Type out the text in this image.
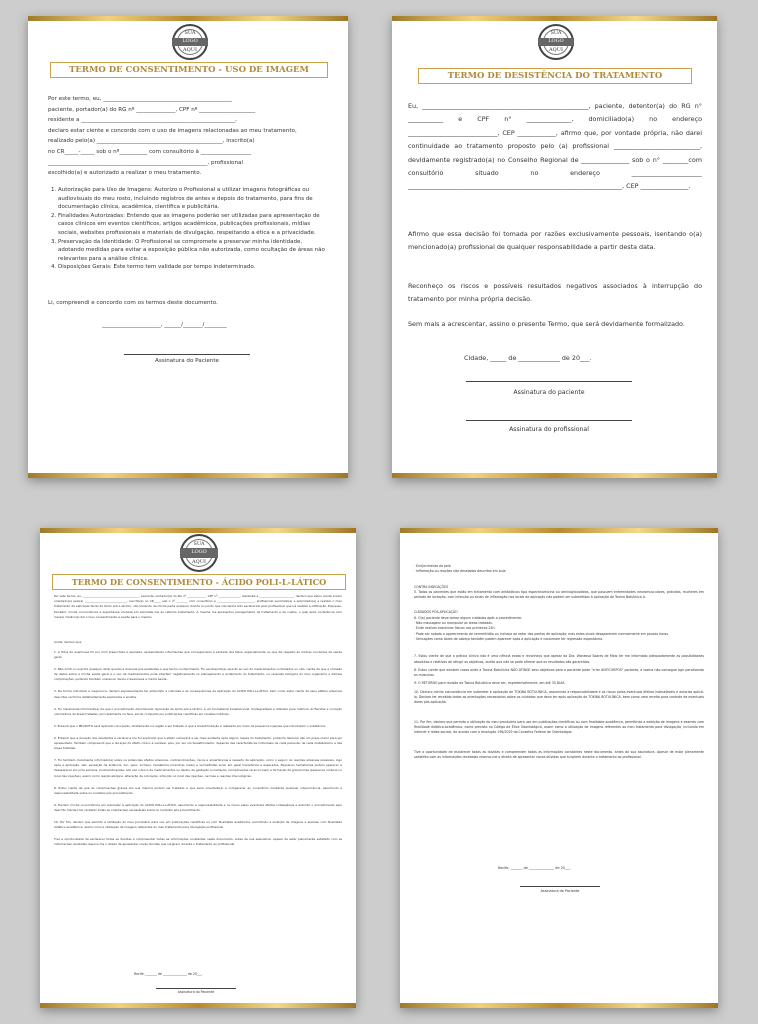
SUA
LOGO
AQUI
TERMO DE CONSENTIMENTO - USO DE IMAGEM

Por este termo, eu, ______________________________________________

paciente, portador(a) do RG nº ______________, CPF nº ____________________

residente a _______________________________________________________,

declaro estar ciente e concordo com o uso de imagens relacionadas ao meu tratamento,

realizado pelo(a) _____________________________________________, inscrito(a)

no CR_____-_____ sob o nº__________ com consultório à __________________

_________________________________________________________, profissional

escolhido(a) e autorizado a realizar o meu tratamento.

1. Autorização para Uso de Imagens: Autorizo o Profissional a utilizar imagens fotográficas ou audiovisuais do meu rosto, incluindo registros de antes e depois do tratamento, para fins de documentação clínica, acadêmica, científica e publicitária.
2. Finalidades Autorizadas: Entendo que as imagens poderão ser utilizadas para apresentação de casos clínicos em eventos científicos, artigos acadêmicos, publicações profissionais, mídias sociais, websites profissionais e materiais de divulgação, respeitando a ética e a privacidade.
3. Preservação da Identidade: O Profissional se compromete a preservar minha identidade, adotando medidas para evitar a exposição pública não autorizada, como ocultação de áreas não relevantes para a análise clínica.
4. Disposições Gerais: Este termo tem validade por tempo indeterminado.
Li, compreendi e concordo com os termos deste documento.
_____________________, ______/_______/________
Assinatura do Paciente
SUA
LOGO
AQUI
TERMO DE DESISTÊNCIA DO TRATAMENTO
Eu, ____________________________________________________, paciente, detentor(a) do RG n° ___________ e CPF n° ______________, domiciliado(a) no endereço ____________________________, CEP ____________, afirmo que, por vontade própria, não darei continuidade ao tratamento proposto pelo (a) profissional ___________________________, devidamente registrado(a) no Conselho Regional de _______________ sob o n° ________com consultório situado no endereço ______________________ ___________________________________________________________________, CEP _______________.
Afirmo que essa decisão foi tomada por razões exclusivamente pessoais, isentando o(a) mencionado(a) profissional de qualquer responsabilidade a partir desta data.
Reconheço os riscos e possíveis resultados negativos associados à interrupção do tratamento por minha própria decisão.
Sem mais a acrescentar, assino o presente Termo, que será devidamente formalizado.
Cidade, _____ de _____________ de 20___.
Assinatura do paciente
Assinatura do profissional
SUA
LOGO
AQUI
TERMO DE CONSENTIMENTO - ÁCIDO POLI-L-LÁTICO
Por este termo, eu, _______________________________________, paciente, portador(a) do RG nº _____________, CPF nº _______________, residente a ________________________, declaro que estou ciente e bem orientado(a) pelo(a) _____________________________, inscrito(a) no CR_____ sob o nº ________ com consultório à __________________________, profissional escolhido(a) e autorizado(a) a realizar o meu tratamento de aplicação facial de ácido poli-L-láctico, não havendo da minha parte qualquer dúvida ou ponto que não tenha sido esclarecido pelo profissional que irá realizar a infiltração. Expresso, também, minha concordância e espontânea vontade em submeter-me ao referido tratamento. A mesma me apresentou planejamento de tratamento e de custos, o qual após conferência com meu(s) médico(s) dei o meu consentimento e aceite para o mesmo.
Ainda, declaro que:

1. A ficha de anamnese foi por mim preenchida e assinada, apresentando informações que correspondem à verdade dos fatos, especialmente no que diz respeito às minhas condições de saúde geral.

2. Não omiti ou suprimi qualquer dado quanto a doenças pré-existentes e que tenho conhecimento. Fui esclarecido(a) quanto ao uso de medicamentos controlados ou não, ciente de que a omissão de dados sobre a minha saúde geral e o uso de medicamentos pode interferir negativamente no planejamento e andamento do tratamento, no resposta biológica do meu organismo e demais complicações, podendo também ocasionar danos irreversíveis a minha saúde.

3. De forma individual e inequívoca, declaro expressamente ter entendido a natureza e as consequências da aplicação do ÁCIDO POLI-L-LÁTICO, bem como estar ciente de seus efeitos adversos descritos na forma detalhadamente explicados e aceitos.

4. Fui claramente informado(a) de que o procedimento denominado 'aplicação de ácido poli-L-láctico' é um biomaterial bioabsorvível, biodegradável e utilizado para melhora do flacidez e correção volumétrica de áreas tratadas, principalmente na face, sendo composto por publicações científicas em revistas médicas.

5. Entendi que o PRODUTO será aplicado via injeção, diretamente na região a ser tratada, e que a bioestimulação é realizada por meio de pequenos injeções que introduzem o substância.

6. Entendi que a duração dos resultados é variável e me foi explicado que o efeito começará a ser mais evidente após alguns meses do tratamento, podendo demorar até um prazo maior para ser apresentado. Também compreendi que a duração do efeito clínico é variável, pois, por ser um bioestimulador, depende das características individuais de cada paciente, de cada metabolismo e das áreas tratadas.

7. Fui também claramente informado(a) sobre os potenciais efeitos adversos, contraindicações, riscos e advertências a respeito da aplicação, como o seguir: As reações adversas possíveis, logo após a aplicação, são: sensação de ardência, dor, peso, inchaço, hematoma (manchas roxas) e vermelhidão local, em geral transitórios e esperados. Pequenos hematomas podem aparecer e desaparecer em uma semana. Contraindicações: sob uso crônico de medicamentos ou dentro de gestação ou lactação. Complicações raras incluem a formação de granulomas (pequenos nódulos no local das injeções), assim como reação alérgica, alteração da coloração, infecção no local das injeções, necrose e reações imunológicas.

8. Estou ciente de que as complicações graves em sua maioria podem ser tratadas e que serei orientado(a) a comparecer ao consultório mediante qualquer intercorrência, assumindo a responsabilidade sobre os cuidados pós-procedimento.

9. Declaro minha concordância em submeter à aplicação do ÁCIDO POLI-L-LÁTICO, assumindo a responsabilidade e os riscos pelos eventuais efeitos indesejáveis e autorizo o procedimento aqui descrito. Declaro ter recebido todas as orientações necessárias sobre os cuidados pós-procedimento.

10. Por fim, declaro que permito a utilização do meu prontuário para uso em publicações científicas ou com finalidade acadêmica, permitindo a exibição de imagens e exames com finalidade didático-acadêmica, assim como a utilização de imagens referentes ao meu tratamento para divulgação profissional.

Tive a oportunidade de esclarecer todas as dúvidas e compreender todas as informações constantes neste documento, antes de sua assinatura. Apesar de estar plenamente satisfeito com as informações recebidas reservo-me o direito de apresentar novas dúvidas que surgirem durante o tratamento ao profissional.

Recife, _______ de _______________ de 20___.
Assinatura do Paciente

· Enrijecimento da pele

· Inflamação ou reações não desejadas descritas em bula

CONTRA INDICAÇÕES

5. Todos os pacientes que estão em tratamento com antibióticos tipo espectinomicina ou aminoglicosídeos, que possuem enfermidades neuromusculares, grávidas, mulheres em período de lactação, com infecção ou sinais de inflamação nos locais de aplicação não podem ser submetidos à aplicação de Toxina Botulínica A.

CUIDADOS PÓS-APLICAÇÃO

6. O(a) paciente deve tomar alguns cuidados após o procedimento:

· Não massagear ou manipular as áreas tratadas.

· Evite realizar exercícios físicos nas primeiras 24h.

· Pode ser notado o aparecimento de vermelhidão ou inchaço ao redor dos pontos de aplicação; mas estes sinais desaparecem normalmente em poucas horas.

· Sensações como dores de cabeça também podem aparecer após a aplicação e costumam ter regressão espontânea.

7. Estou ciente de que a prática clínica não é uma ciência exata e reconheço que apesar da Dra. Wanessa Soares de Melo ter me informado adequadamente as possibilidades absolutas e relativas de atingir os objetivos, aceito que não se pode afirmar que os resultados são garantidos.

8. Estou ciente que existem casos onde a Toxina Botulínica NÃO ATINGE seus objetivos para o paciente pode "criar ANTICORPOS" portanto, a toxina não consegue agir paralisando os músculos.

9. O RETORNO para revisão da Toxina Botulínica deve ser, impreterivelmente, em até 30 DIAS.

10. Declaro minha concordância em submeter à aplicação de TOXINA BOTULÍNICA, assumindo a responsabilidade e os riscos pelos eventuais efeitos indesejáveis e autorizo aplicá-la. Declaro ter recebido todas as orientações necessárias sobre os cuidados que devo ter após aplicação da TOXINA BOTULÍNICA, bem como uma receita para controle de eventuais dores pós-aplicação.

11. Por fim, declaro que permito a utilização do meu prontuário para uso em publicações científicas ou com finalidade acadêmica, permitindo a exibição de imagens e exames com finalidade didático-acadêmica, como previsto no Código de Ética Odontológica, assim como a utilização de imagens referentes ao meu tratamento para divulgação, incluindo em internet e redes sociais, de acordo com a resolução 196/2019 do Conselho Federal de Odontologia.

Tive a oportunidade de esclarecer todas as dúvidas e compreender todas as informações constantes neste documento, antes da sua assinatura. Apesar de estar plenamente satisfeito com as informações recebidas reservo-me o direito de apresentar novas dúvidas que surgirem durante o tratamento ao profissional.

Recife, _______ de _______________ de 20___.
Assinatura do Paciente
